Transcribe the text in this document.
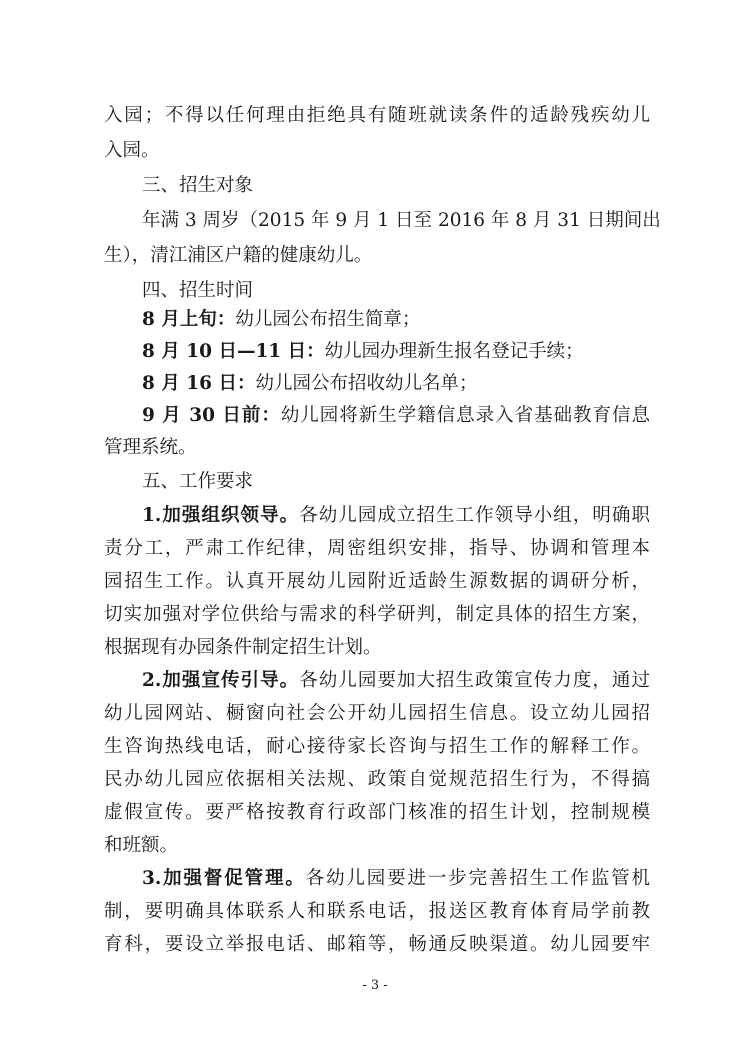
入园；不得以任何理由拒绝具有随班就读条件的适龄残疾幼儿
入园。
三、招生对象
年满 3 周岁（2015 年 9 月 1 日至 2016 年 8 月 31 日期间出
生），清江浦区户籍的健康幼儿。
四、招生时间
8 月上旬：幼儿园公布招生简章；
8 月 10 日—11 日：幼儿园办理新生报名登记手续；
8 月 16 日：幼儿园公布招收幼儿名单；
9 月 30 日前：幼儿园将新生学籍信息录入省基础教育信息
管理系统。
五、工作要求
1.加强组织领导。各幼儿园成立招生工作领导小组，明确职
责分工，严肃工作纪律，周密组织安排，指导、协调和管理本
园招生工作。认真开展幼儿园附近适龄生源数据的调研分析，
切实加强对学位供给与需求的科学研判，制定具体的招生方案，
根据现有办园条件制定招生计划。
2.加强宣传引导。各幼儿园要加大招生政策宣传力度，通过
幼儿园网站、橱窗向社会公开幼儿园招生信息。设立幼儿园招
生咨询热线电话，耐心接待家长咨询与招生工作的解释工作。
民办幼儿园应依据相关法规、政策自觉规范招生行为，不得搞
虚假宣传。要严格按教育行政部门核准的招生计划，控制规模
和班额。
3.加强督促管理。各幼儿园要进一步完善招生工作监管机
制，要明确具体联系人和联系电话，报送区教育体育局学前教
育科，要设立举报电话、邮箱等，畅通反映渠道。幼儿园要牢
- 3 -
